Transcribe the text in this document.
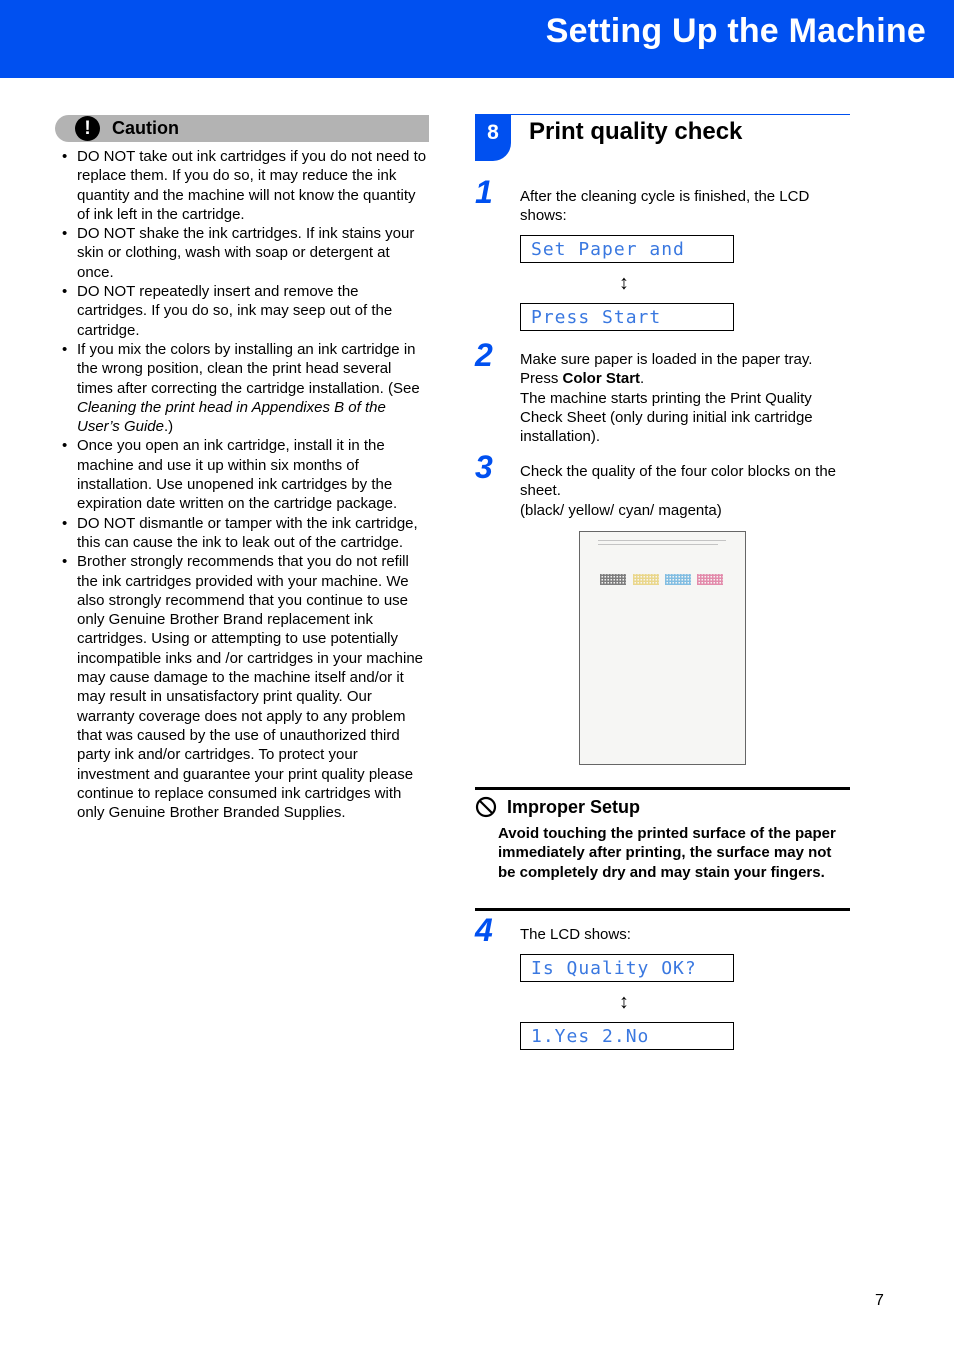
Setting Up the Machine
!	Caution
• DO NOT take out ink cartridges if you do not need to replace them. If you do so, it may reduce the ink quantity and the machine will not know the quantity of ink left in the cartridge.
• DO NOT shake the ink cartridges. If ink stains your skin or clothing, wash with soap or detergent at once.
• DO NOT repeatedly insert and remove the cartridges. If you do so, ink may seep out of the cartridge.
• If you mix the colors by installing an ink cartridge in the wrong position, clean the print head several times after correcting the cartridge installation. (See Cleaning the print head in Appendixes B of the User’s Guide.)
• Once you open an ink cartridge, install it in the machine and use it up within six months of installation. Use unopened ink cartridges by the expiration date written on the cartridge package.
• DO NOT dismantle or tamper with the ink cartridge, this can cause the ink to leak out of the cartridge.
• Brother strongly recommends that you do not refill the ink cartridges provided with your machine. We also strongly recommend that you continue to use only Genuine Brother Brand replacement ink cartridges. Using or attempting to use potentially incompatible inks and /or cartridges in your machine may cause damage to the machine itself and/or it may result in unsatisfactory print quality. Our warranty coverage does not apply to any problem that was caused by the use of unauthorized third party ink and/or cartridges. To protect your investment and guarantee your print quality please continue to replace consumed ink cartridges with only Genuine Brother Branded Supplies.
8	Print quality check
1 After the cleaning cycle is finished, the LCD shows:
Set Paper and
↕
Press Start
2 Make sure paper is loaded in the paper tray.
Press Color Start.
The machine starts printing the Print Quality Check Sheet (only during initial ink cartridge installation).
3 Check the quality of the four color blocks on the sheet.
(black/ yellow/ cyan/ magenta)
Improper Setup
Avoid touching the printed surface of the paper immediately after printing, the surface may not be completely dry and may stain your fingers.
4 The LCD shows:
Is Quality OK?
↕
1.Yes 2.No
7
